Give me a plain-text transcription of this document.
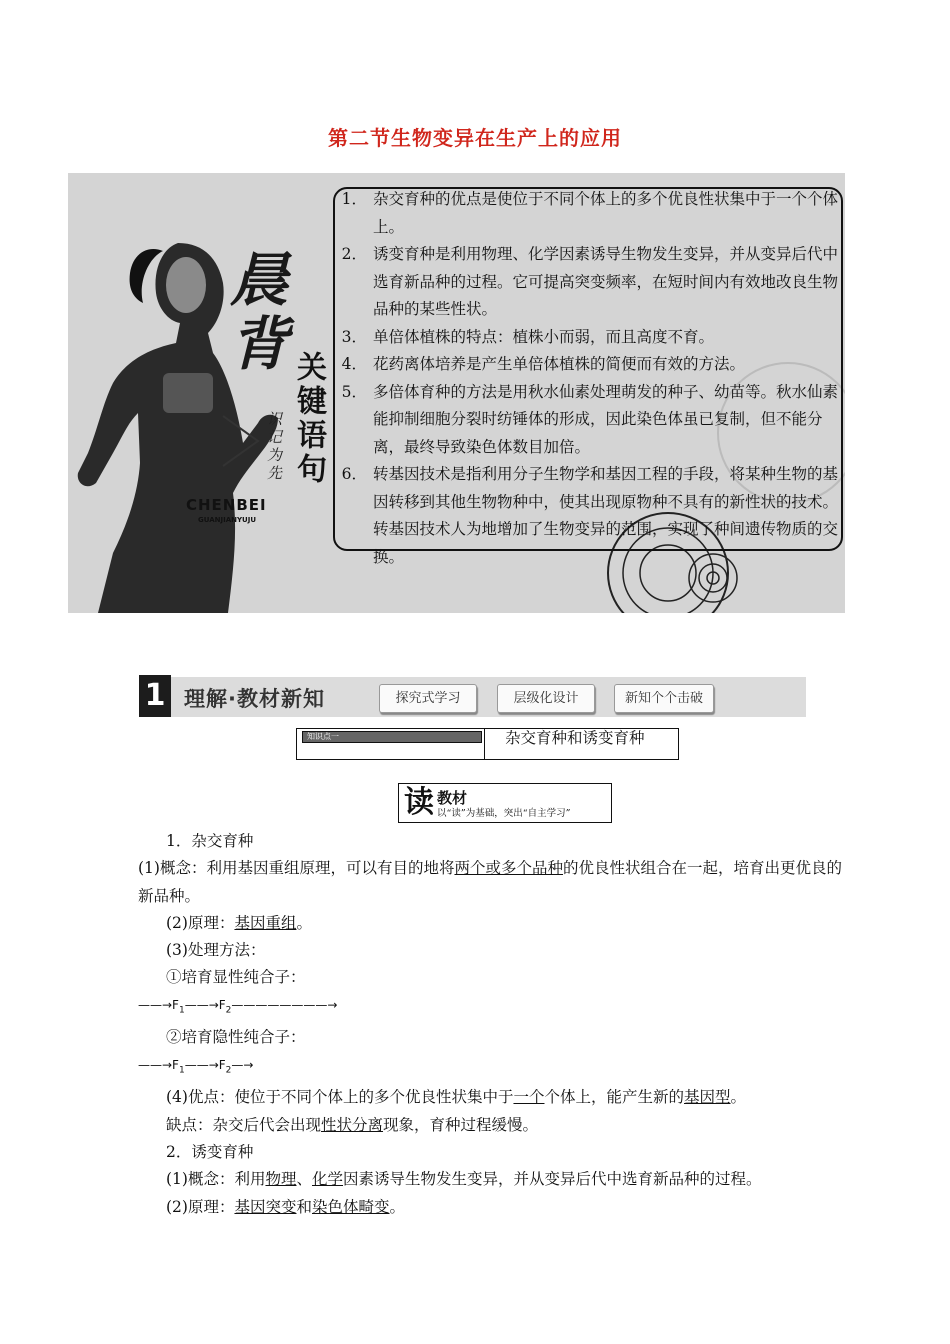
第二节生物变异在生产上的应用
晨
背
关键语句
识记为先
CHENBEI
GUANJIANYUJU
1． 杂交育种的优点是使位于不同个体上的多个优良性状集中于一个个体上。
2． 诱变育种是利用物理、化学因素诱导生物发生变异，并从变异后代中选育新品种的过程。它可提高突变频率，在短时间内有效地改良生物品种的某些性状。
3． 单倍体植株的特点：植株小而弱，而且高度不育。
4． 花药离体培养是产生单倍体植株的简便而有效的方法。
5． 多倍体育种的方法是用秋水仙素处理萌发的种子、幼苗等。秋水仙素能抑制细胞分裂时纺锤体的形成，因此染色体虽已复制，但不能分离，最终导致染色体数目加倍。
6． 转基因技术是指利用分子生物学和基因工程的手段，将某种生物的基因转移到其他生物物种中，使其出现原物种不具有的新性状的技术。转基因技术人为地增加了生物变异的范围，实现了种间遗传物质的交换。
1 理解·教材新知	探究式学习	层级化设计	新知个个击破
知识点一	杂交育种和诱变育种
读 教材
以“读”为基础，突出“自主学习”

1．杂交育种

(1)概念：利用基因重组原理，可以有目的地将两个或多个品种的优良性状组合在一起，培育出更优良的新品种。

(2)原理：基因重组。

(3)处理方法：

①培育显性纯合子：

$——\to F_1——\to F_2————————\to$

②培育隐性纯合子：

$——\to F_1——\to F_2—\to$

(4)优点：使位于不同个体上的多个优良性状集中于一个个体上，能产生新的基因型。

缺点：杂交后代会出现性状分离现象，育种过程缓慢。

2．诱变育种

(1)概念：利用物理、化学因素诱导生物发生变异，并从变异后代中选育新品种的过程。

(2)原理：基因突变和染色体畸变。
